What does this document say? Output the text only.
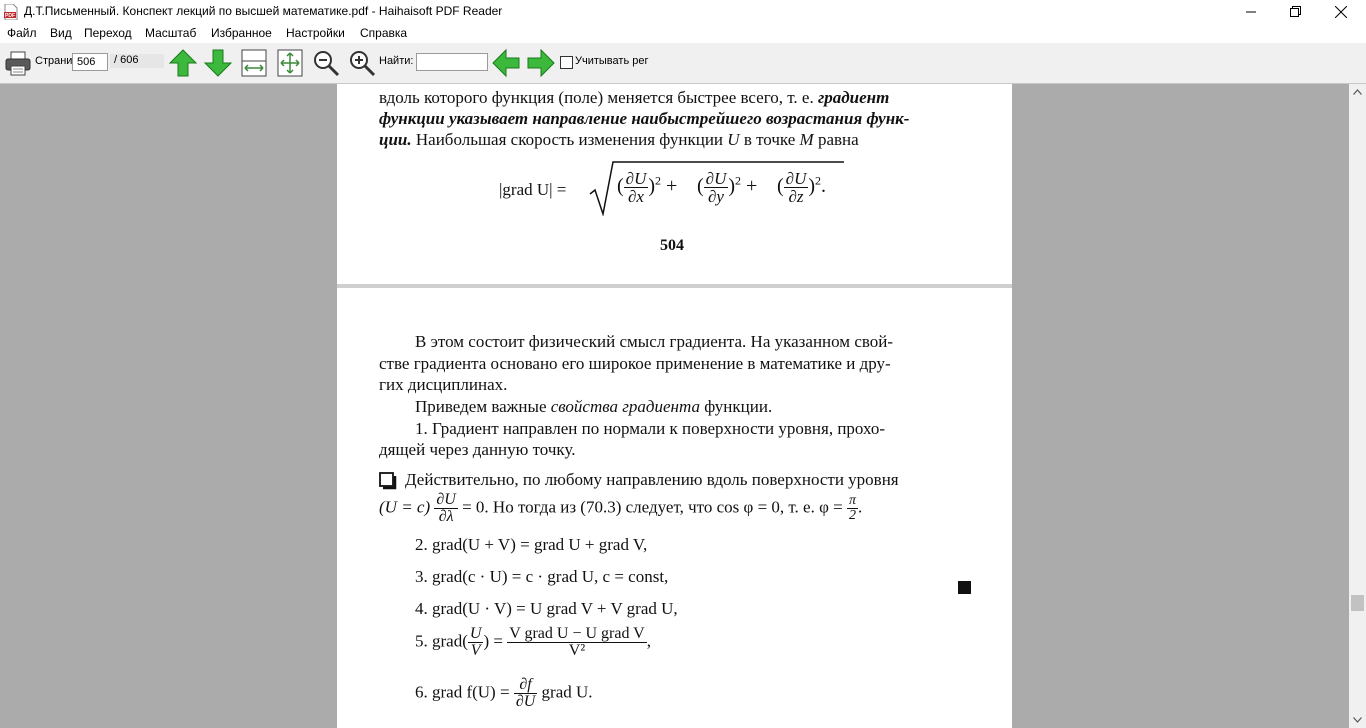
PDF Д.Т.Письменный. Конспект лекций по высшей математике.pdf - Haihaisoft PDF Reader
Файл Вид Переход Масштаб Избранное Настройки Справка
Страни
506	/ 606	Найти:	Учитывать рег
вдоль которого функция (поле) меняется быстрее всего, т. е. градиент
функции указывает направление наибыстрейшего возрастания функ-
ции. Наибольшая скорость изменения функции U в точке M равна
|grad U| =	( $\frac{\partial U}{\partial x} )^2$ + ( $\frac{\partial U}{\partial y} )^2$ + ( $\frac{\partial U}{\partial z} )^2$.
504
В этом состоит физический смысл градиента. На указанном свой-
стве градиента основано его широкое применение в математике и дру-
гих дисциплинах.
Приведем важные свойства градиента функции.
1. Градиент направлен по нормали к поверхности уровня, прохо-
дящей через данную точку.
Действительно, по любому направлению вдоль поверхности уровня
$(U = c) \frac{\partial U}{\partial\lambda} = 0$. Но тогда из (70.3) следует, что cos φ = 0, т. е. $\varphi = \frac{\pi}{2}$ .
2. grad(U + V) = grad U + grad V,
3. grad(c · U) = c · grad U, c = const,
4. grad(U · V) = U grad V + V grad U,
5. grad( $\frac{U}{V}$ ) = $\frac{\text{V grad U − U grad V}}{\text{V²}}$ ,
6. grad $f(U) = \frac{\partial f}{\partial U}$ grad U.
